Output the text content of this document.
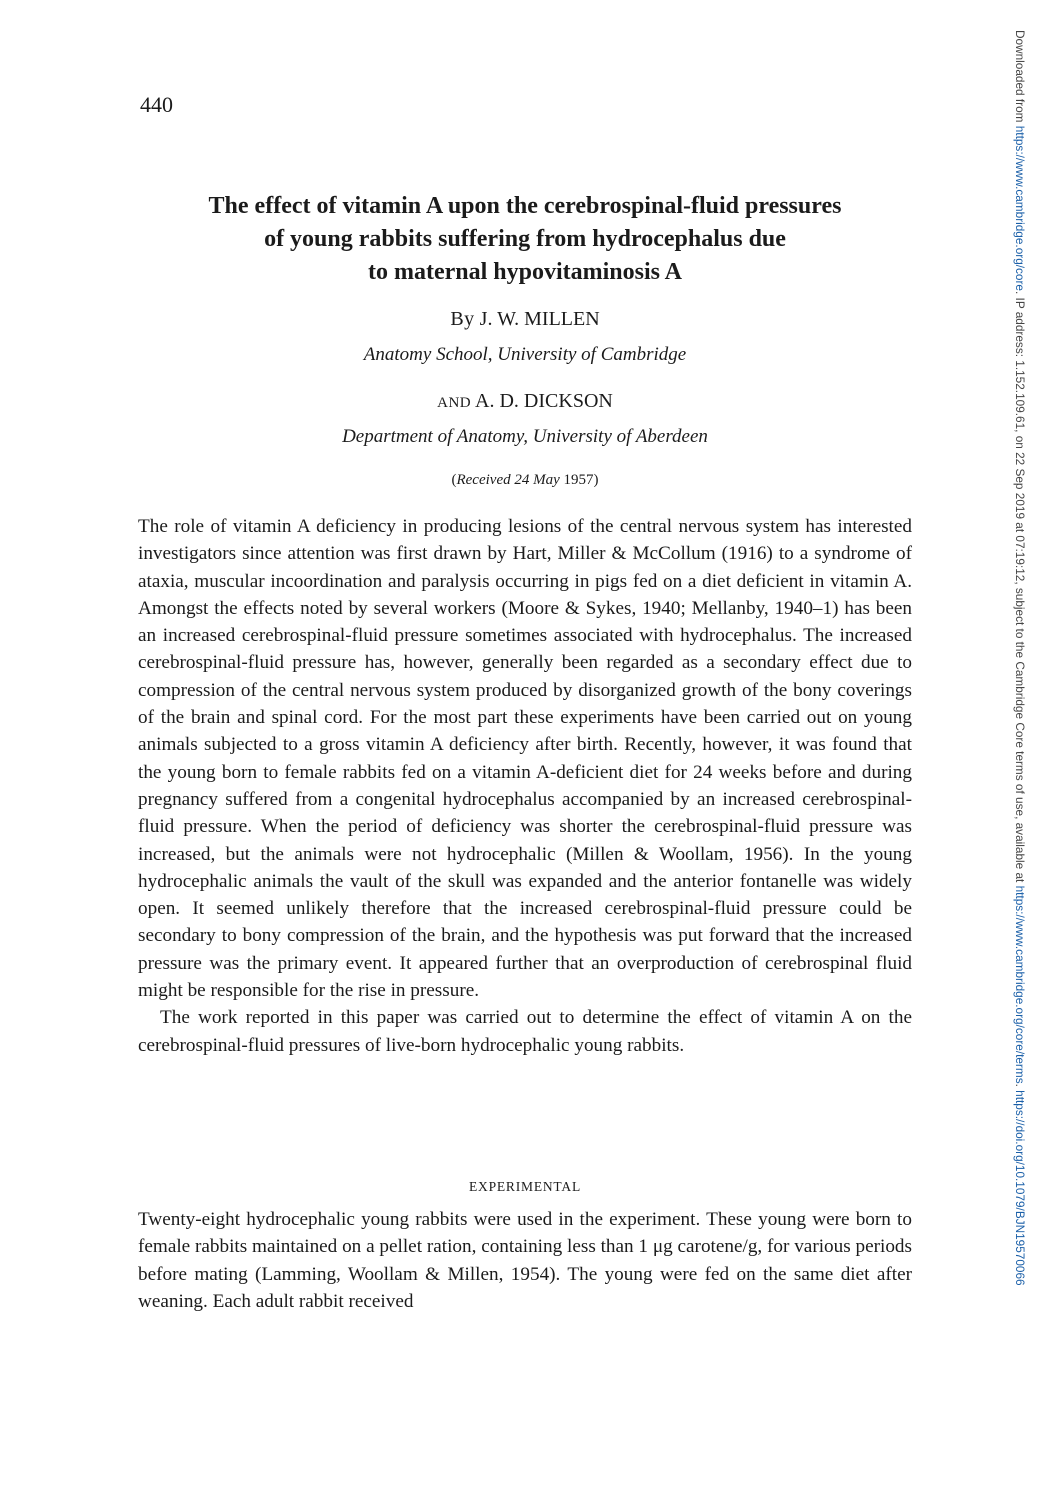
440
The effect of vitamin A upon the cerebrospinal-fluid pressures
of young rabbits suffering from hydrocephalus due
to maternal hypovitaminosis A
By J. W. MILLEN
Anatomy School, University of Cambridge
AND A. D. DICKSON
Department of Anatomy, University of Aberdeen
(Received 24 May 1957)

The role of vitamin A deficiency in producing lesions of the central nervous system has interested investigators since attention was first drawn by Hart, Miller & McCollum (1916) to a syndrome of ataxia, muscular incoordination and paralysis occurring in pigs fed on a diet deficient in vitamin A. Amongst the effects noted by several workers (Moore & Sykes, 1940; Mellanby, 1940–1) has been an increased cerebrospinal-fluid pressure sometimes associated with hydrocephalus. The increased cerebrospinal-fluid pressure has, however, generally been regarded as a secondary effect due to compression of the central nervous system produced by disorganized growth of the bony coverings of the brain and spinal cord. For the most part these experiments have been carried out on young animals subjected to a gross vitamin A deficiency after birth. Recently, however, it was found that the young born to female rabbits fed on a vitamin A-deficient diet for 24 weeks before and during pregnancy suffered from a congenital hydrocephalus accompanied by an increased cerebrospinal-fluid pressure. When the period of deficiency was shorter the cerebrospinal-fluid pressure was increased, but the animals were not hydrocephalic (Millen & Woollam, 1956). In the young hydrocephalic animals the vault of the skull was expanded and the anterior fontanelle was widely open. It seemed unlikely therefore that the increased cerebrospinal-fluid pressure could be secondary to bony compression of the brain, and the hypothesis was put forward that the increased pressure was the primary event. It appeared further that an overproduction of cerebrospinal fluid might be responsible for the rise in pressure.

The work reported in this paper was carried out to determine the effect of vitamin A on the cerebrospinal-fluid pressures of live-born hydrocephalic young rabbits.

EXPERIMENTAL

Twenty-eight hydrocephalic young rabbits were used in the experiment. These young were born to female rabbits maintained on a pellet ration, containing less than 1 μg carotene/g, for various periods before mating (Lamming, Woollam & Millen, 1954). The young were fed on the same diet after weaning. Each adult rabbit received

Downloaded from https://www.cambridge.org/core. IP address: 1.152.109.61, on 22 Sep 2019 at 07:19:12, subject to the Cambridge Core terms of use, available at https://www.cambridge.org/core/terms. https://doi.org/10.1079/BJN19570066
